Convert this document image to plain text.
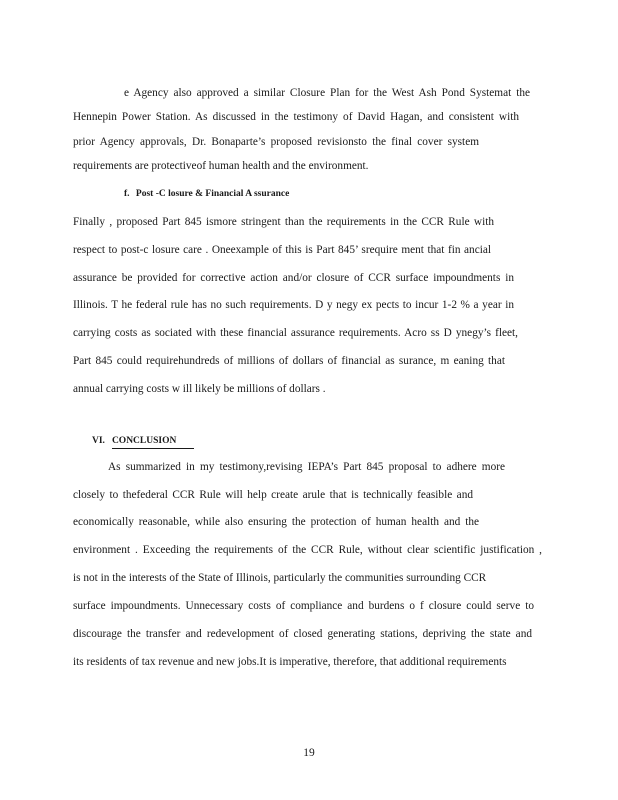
e Agency also approved a similar Closure Plan for the West Ash Pond Systemat the
Hennepin Power Station. As discussed in the testimony of David Hagan, and consistent with
prior Agency approvals, Dr. Bonaparte’s proposed revisionsto the final cover system
requirements are protectiveof human health and the environment.
f. Post -C losure & Financial A ssurance
Finally , proposed Part 845 ismore stringent than the requirements in the CCR Rule with
respect to post-c losure care . Oneexample of this is Part 845’ srequire ment that fin ancial
assurance be provided for corrective action and/or closure of CCR surface impoundments in
Illinois. T he federal rule has no such requirements. D y negy ex pects to incur 1-2 % a year in
carrying costs as sociated with these financial assurance requirements. Acro ss D ynegy’s fleet,
Part 845 could requirehundreds of millions of dollars of financial as surance, m eaning that
annual carrying costs w ill likely be millions of dollars .
VI. CONCLUSION
As summarized in my testimony,revising IEPA’s Part 845 proposal to adhere more
closely to thefederal CCR Rule will help create arule that is technically feasible and
economically reasonable, while also ensuring the protection of human health and the
environment . Exceeding the requirements of the CCR Rule, without clear scientific justification ,
is not in the interests of the State of Illinois, particularly the communities surrounding CCR
surface impoundments. Unnecessary costs of compliance and burdens o f closure could serve to
discourage the transfer and redevelopment of closed generating stations, depriving the state and
its residents of tax revenue and new jobs.It is imperative, therefore, that additional requirements
19
